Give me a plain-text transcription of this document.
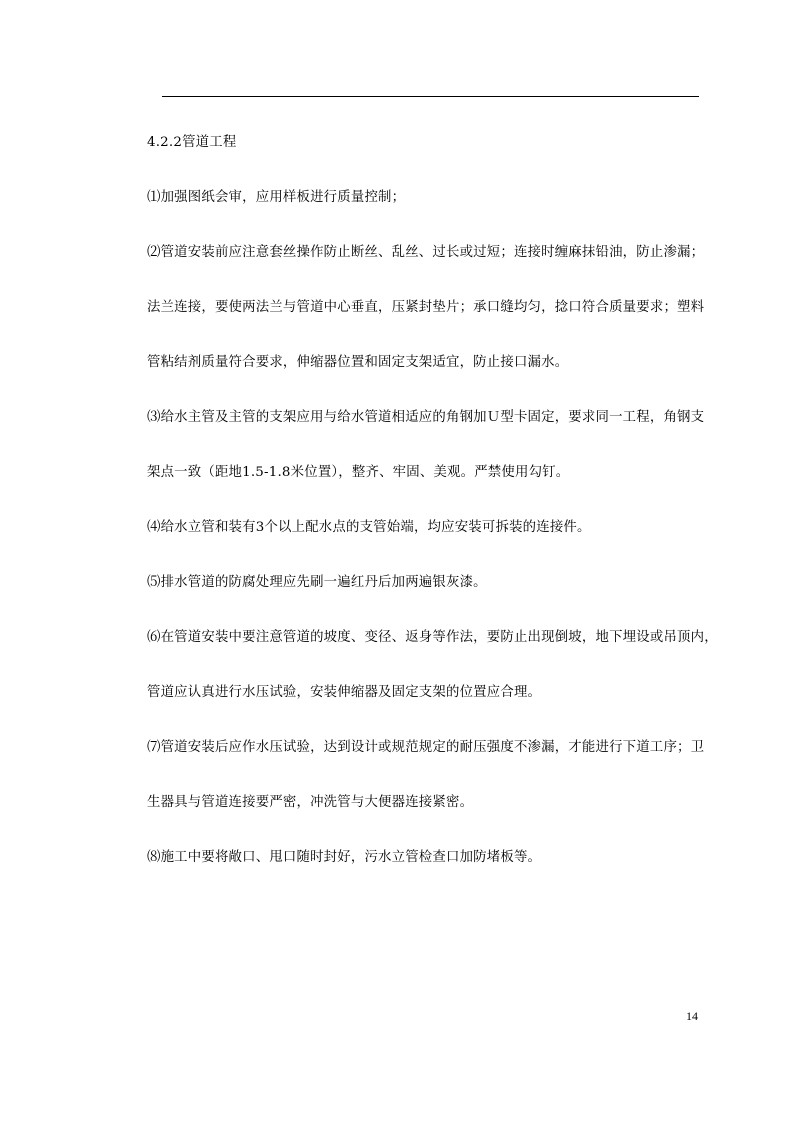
4.2.2管道工程
⑴加强图纸会审，应用样板进行质量控制；
⑵管道安装前应注意套丝操作防止断丝、乱丝、过长或过短；连接时缠麻抹铅油，防止渗漏；
法兰连接，要使两法兰与管道中心垂直，压紧封垫片；承口缝均匀，捻口符合质量要求；塑料
管粘结剂质量符合要求，伸缩器位置和固定支架适宜，防止接口漏水。
⑶给水主管及主管的支架应用与给水管道相适应的角钢加Ｕ型卡固定，要求同一工程，角钢支
架点一致（距地1.5-1.8米位置），整齐、牢固、美观。严禁使用勾钉。
⑷给水立管和装有3个以上配水点的支管始端，均应安装可拆装的连接件。
⑸排水管道的防腐处理应先刷一遍红丹后加两遍银灰漆。
⑹在管道安装中要注意管道的坡度、变径、返身等作法，要防止出现倒坡，地下埋设或吊顶内，
管道应认真进行水压试验，安装伸缩器及固定支架的位置应合理。
⑺管道安装后应作水压试验，达到设计或规范规定的耐压强度不渗漏，才能进行下道工序；卫
生器具与管道连接要严密，冲洗管与大便器连接紧密。
⑻施工中要将敞口、甩口随时封好，污水立管检查口加防堵板等。
14
